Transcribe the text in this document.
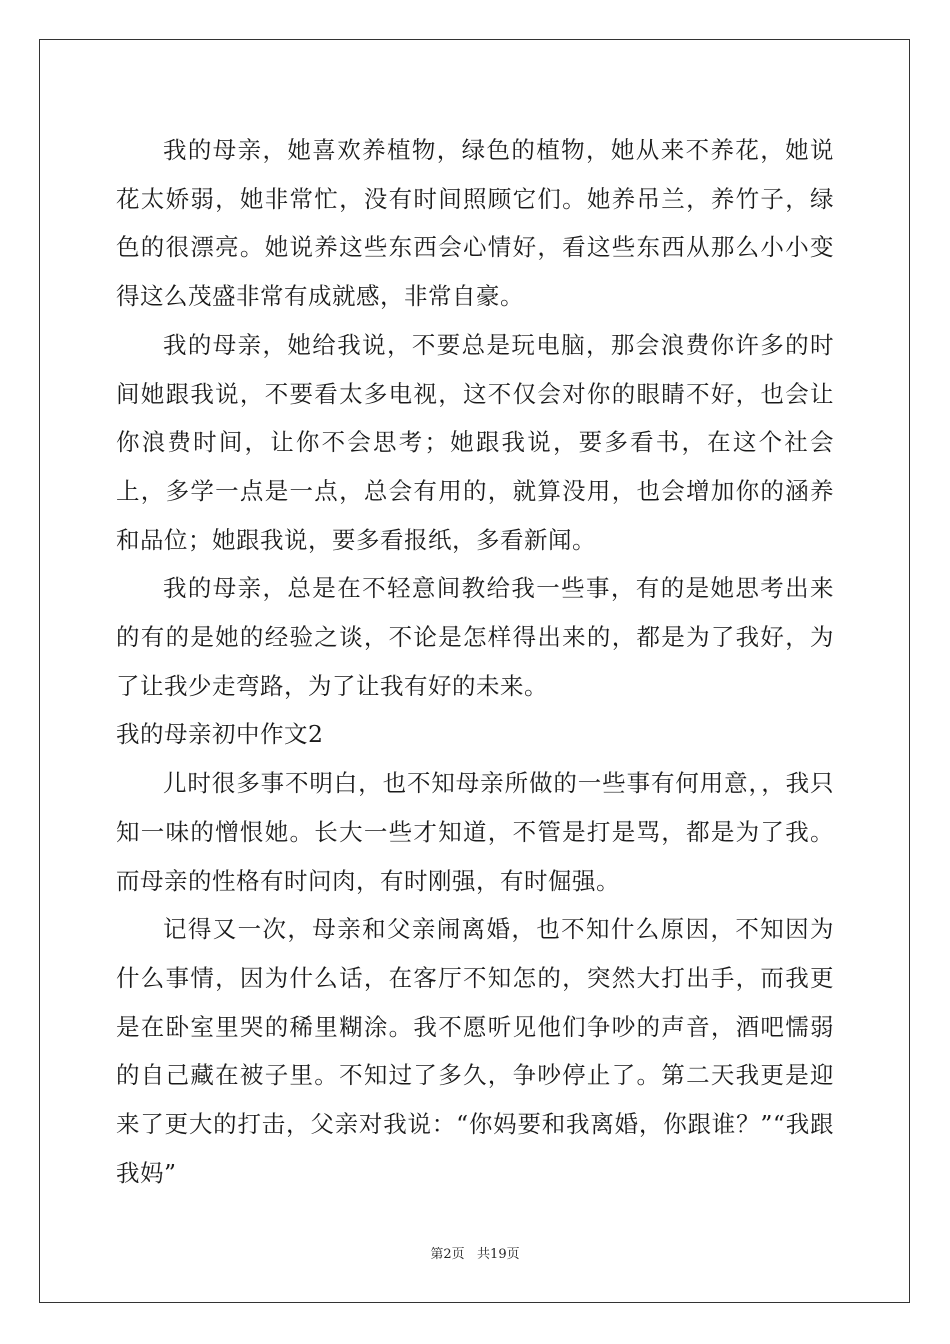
我的母亲，她喜欢养植物，绿色的植物，她从来不养花，她说花太娇弱，她非常忙，没有时间照顾它们。她养吊兰，养竹子，绿色的很漂亮。她说养这些东西会心情好，看这些东西从那么小小变得这么茂盛非常有成就感，非常自豪。

我的母亲，她给我说，不要总是玩电脑，那会浪费你许多的时间她跟我说，不要看太多电视，这不仅会对你的眼睛不好，也会让你浪费时间，让你不会思考；她跟我说，要多看书，在这个社会上，多学一点是一点，总会有用的，就算没用，也会增加你的涵养和品位；她跟我说，要多看报纸，多看新闻。

我的母亲，总是在不轻意间教给我一些事，有的是她思考出来的有的是她的经验之谈，不论是怎样得出来的，都是为了我好，为了让我少走弯路，为了让我有好的未来。

我的母亲初中作文2

儿时很多事不明白，也不知母亲所做的一些事有何用意，，我只知一味的憎恨她。长大一些才知道，不管是打是骂，都是为了我。而母亲的性格有时问肉，有时刚强，有时倔强。

记得又一次，母亲和父亲闹离婚，也不知什么原因，不知因为什么事情，因为什么话，在客厅不知怎的，突然大打出手，而我更是在卧室里哭的稀里糊涂。我不愿听见他们争吵的声音，酒吧懦弱的自己藏在被子里。不知过了多久，争吵停止了。第二天我更是迎来了更大的打击，父亲对我说：“你妈要和我离婚，你跟谁？”“我跟我妈”

第2页   共19页
